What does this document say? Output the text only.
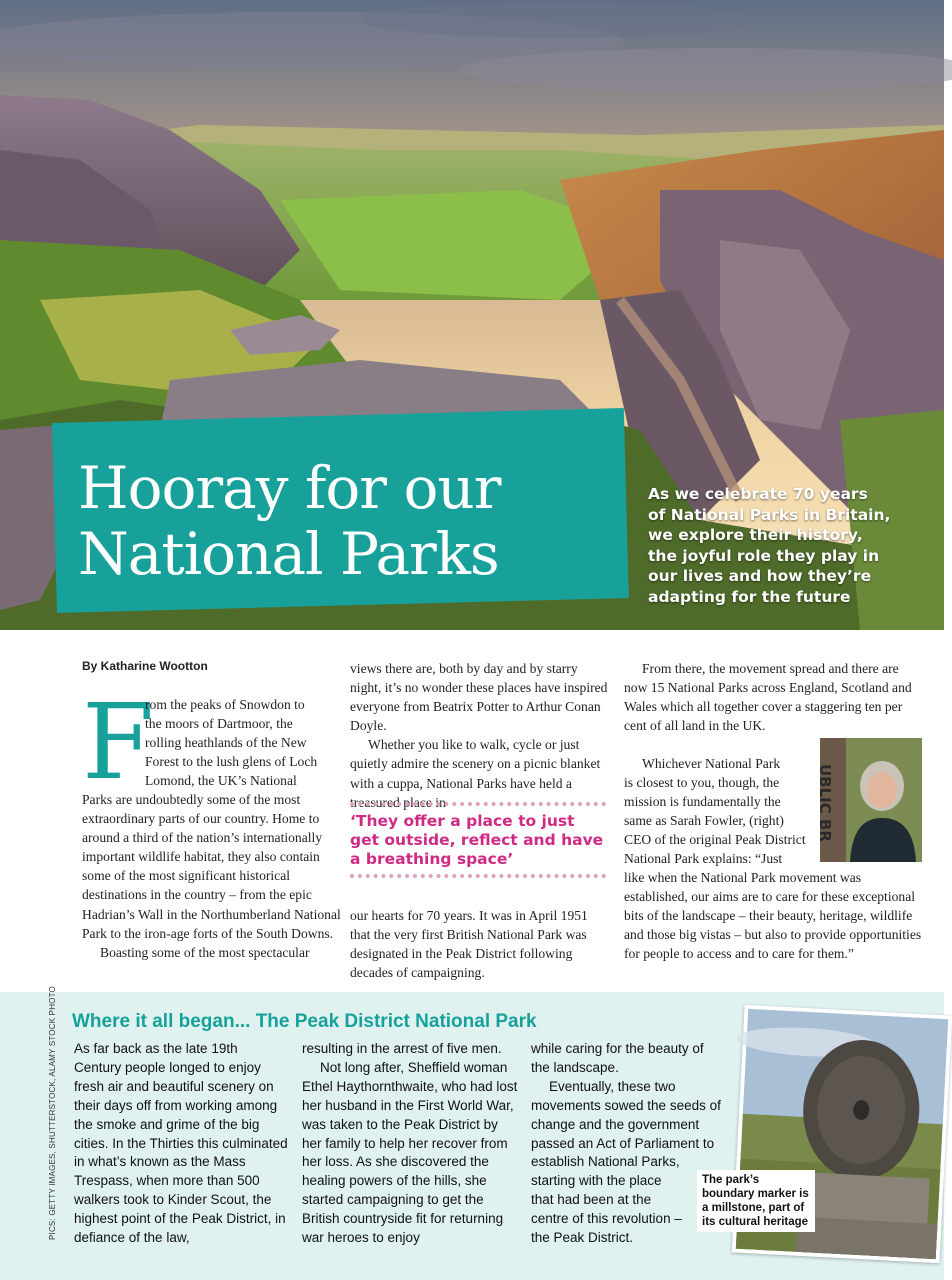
Hooray for our
National Parks
As we celebrate 70 years
of National Parks in Britain,
we explore their history,
the joyful role they play in
our lives and how they’re
adapting for the future
By Katharine Wootton
F
rom the peaks of Snowdon to
the moors of Dartmoor, the
rolling heathlands of the New
Forest to the lush glens of Loch
Lomond, the UK’s National

Parks are undoubtedly some of the most extraordinary parts of our country. Home to around a third of the nation’s internationally important wildlife habitat, they also contain some of the most significant historical destinations in the country – from the epic Hadrian’s Wall in the Northumberland National Park to the iron-age forts of the South Downs.

Boasting some of the most spectacular

views there are, both by day and by starry night, it’s no wonder these places have inspired everyone from Beatrix Potter to Arthur Conan Doyle.

Whether you like to walk, cycle or just quietly admire the scenery on a picnic blanket with a cuppa, National Parks have held a treasured place in

‘They offer a place to just
get outside, reflect and have
a breathing space’

our hearts for 70 years. It was in April 1951 that the very first British National Park was designated in the Peak District following decades of campaigning.

From there, the movement spread and there are now 15 National Parks across England, Scotland and Wales which all together cover a staggering ten per cent of all land in the UK.

Whichever National Park
is closest to you, though, the
mission is fundamentally the
same as Sarah Fowler, (right)
CEO of the original Peak District
National Park explains: “Just

like when the National Park movement was established, our aims are to care for these exceptional bits of the landscape – their beauty, heritage, wildlife and those big vistas – but also to provide opportunities for people to access and to care for them.”

UBLIC BR
Where it all began... The Peak District National Park
PICS: GETTY IMAGES, SHUTTERSTOCK, ALAMY STOCK PHOTO As far back as the late 19th Century people longed to enjoy fresh air and beautiful scenery on their days off from working among the smoke and grime of the big cities. In the Thirties this culminated in what’s known as the Mass Trespass, when more than 500 walkers took to Kinder Scout, the highest point of the Peak District, in defiance of the law,

resulting in the arrest of five men.

Not long after, Sheffield woman Ethel Haythornthwaite, who had lost her husband in the First World War, was taken to the Peak District by her family to help her recover from her loss. As she discovered the healing powers of the hills, she started campaigning to get the British countryside fit for returning war heroes to enjoy

while caring for the beauty of the landscape.

Eventually, these two movements sowed the seeds of change and the government passed an Act of Parliament to establish National Parks,

starting with the place
that had been at the
centre of this revolution –
the Peak District.
The park’s boundary marker is a millstone, part of its cultural heritage
